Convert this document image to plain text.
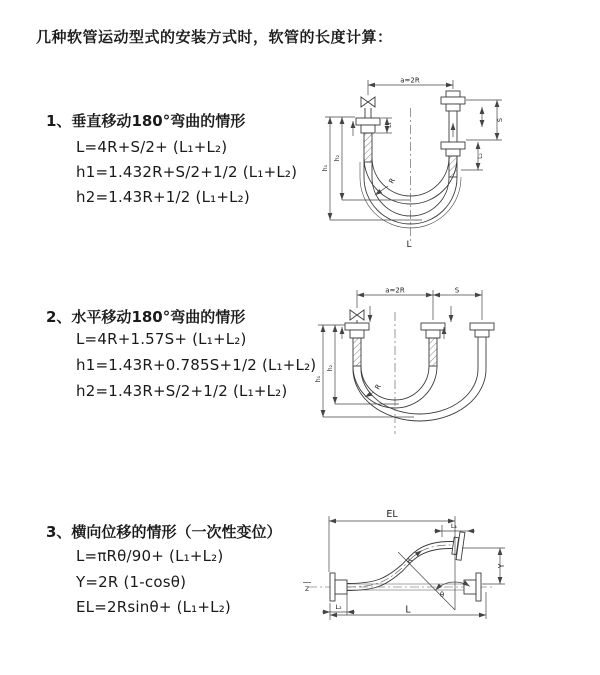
几种软管运动型式的安装方式时，软管的长度计算：
1、垂直移动180°弯曲的情形
L=4R+S/2+ (L₁+L₂)
h1=1.432R+S/2+1/2 (L₁+L₂)
h2=1.43R+1/2 (L₁+L₂)
2、水平移动180°弯曲的情形
L=4R+1.57S+ (L₁+L₂)
h1=1.43R+0.785S+1/2 (L₁+L₂)
h2=1.43R+S/2+1/2 (L₁+L₂)
3、横向位移的情形（一次性变位）
L=πRθ/90+ (L₁+L₂)
Y=2R (1-cosθ)
EL=2Rsinθ+ (L₁+L₂)
a=2R
S
L₂
L₁
h₂
h₁
R
L
a=2R	S
h₂
h₁
R
Z
EL
L₁
L₂	L
Y
R
θ
